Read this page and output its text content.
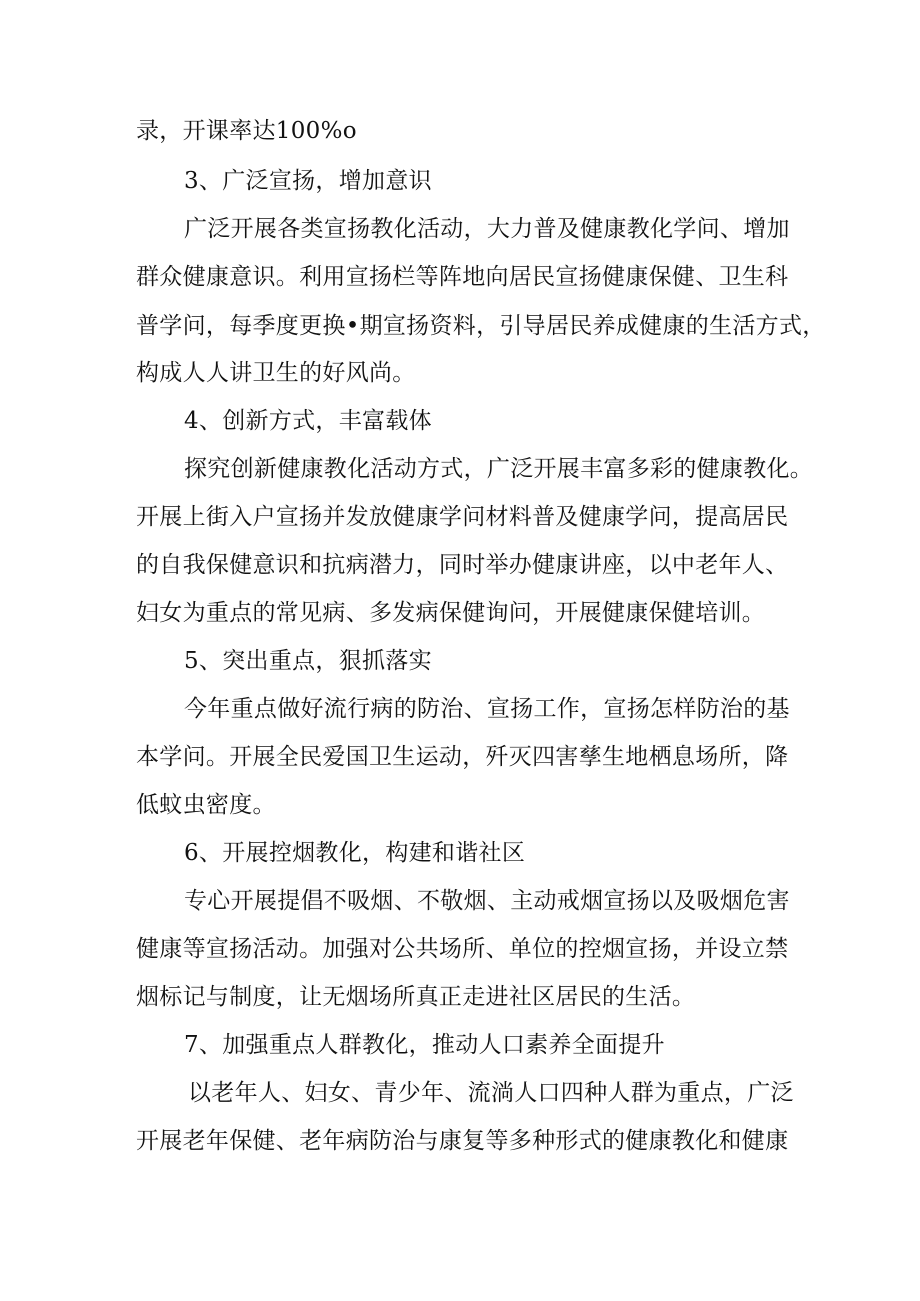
录，开课率达100%o
3、广泛宣扬，增加意识
广泛开展各类宣扬教化活动，大力普及健康教化学问、增加
群众健康意识。利用宣扬栏等阵地向居民宣扬健康保健、卫生科
普学问，每季度更换•期宣扬资料，引导居民养成健康的生活方式，
构成人人讲卫生的好风尚。
4、创新方式，丰富载体
探究创新健康教化活动方式，广泛开展丰富多彩的健康教化。
开展上街入户宣扬并发放健康学问材料普及健康学问，提高居民
的自我保健意识和抗病潜力，同时举办健康讲座，以中老年人、
妇女为重点的常见病、多发病保健询问，开展健康保健培训。
5、突出重点，狠抓落实
今年重点做好流行病的防治、宣扬工作，宣扬怎样防治的基
本学问。开展全民爱国卫生运动，歼灭四害孳生地栖息场所，降
低蚊虫密度。
6、开展控烟教化，构建和谐社区
专心开展提倡不吸烟、不敬烟、主动戒烟宣扬以及吸烟危害
健康等宣扬活动。加强对公共场所、单位的控烟宣扬，并设立禁
烟标记与制度，让无烟场所真正走进社区居民的生活。
7、加强重点人群教化，推动人口素养全面提升
以老年人、妇女、青少年、流淌人口四种人群为重点，广泛
开展老年保健、老年病防治与康复等多种形式的健康教化和健康
